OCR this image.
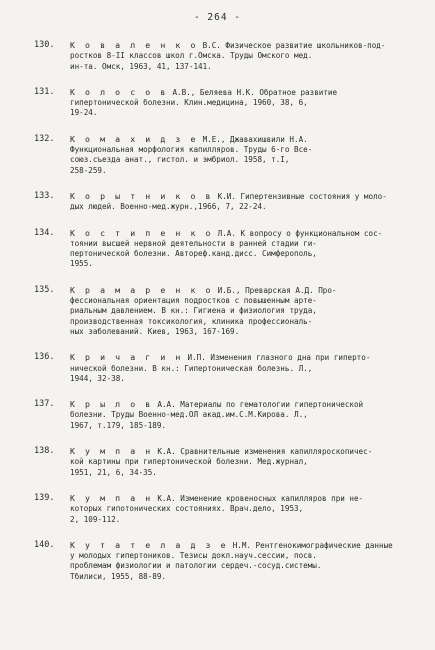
- 264 -
130. К о в а л е н к о В.С. Физическое развитие школьников-под-
ростков 8-II классов школ г.Омска. Труды Омского мед.
ин-та. Омск, 1963, 41, 137-141.
131. К о л о с о в А.В., Беляева Н.К. Обратное развитие
гипертонической болезни. Клин.медицина, 1960, 38, 6,
19-24.
132. К о м а х и д з е М.Е., Джавахишвили Н.А.
Функциональная морфология капилляров. Труды 6-го Все-
союз.съезда анат., гистол. и эмбриол. 1958, т.I,
258-259.
133. К о р ы т н и к о в К.И. Гипертензивные состояния у моло-
дых людей. Военно-мед.журн.,1966, 7, 22-24.
134. К о с т и п е н к о Л.А. К вопросу о функциональном сос-
тоянии высшей нервной деятельности в ранней стадии ги-
пертонической болезни. Автореф.канд.дисс. Симферополь,
1955.
135. К р а м а р е н к о И.Б., Преварская А.Д. Про-
фессиональная ориентация подростков с повышенным арте-
риальным давлением. В кн.: Гигиена и физиология труда,
производственная токсикология, клиника профессиональ-
ных заболеваний. Киев, 1963, 167-169.
136. К р и ч а г и н И.П. Изменения глазного дна при гиперто-
нической болезни. В кн.: Гипертоническая болезнь. Л.,
1944, 32-38.
137. К р ы л о в А.А. Материалы по гематологии гипертонической
болезни. Труды Военно-мед.ОЛ акад.им.С.М.Кирова. Л.,
1967, т.179, 185-189.
138. К у м п а н К.А. Сравнительные изменения капилляроскопичес-
кой картины при гипертонической болезни. Мед.журнал,
1951, 21, 6, 34-35.
139. К у м п а н К.А. Изменение кровеносных капилляров при не-
которых гипотонических состояниях. Врач.дело, 1953,
2, 109-112.
140. К у т а т е л а д з е Н.М. Рентгенокимографические данные
у молодых гипертоников. Тезисы докл.науч.сессии, посв.
проблемам физиологии и патологии сердеч.-сосуд.системы.
Тбилиси, 1955, 88-89.
